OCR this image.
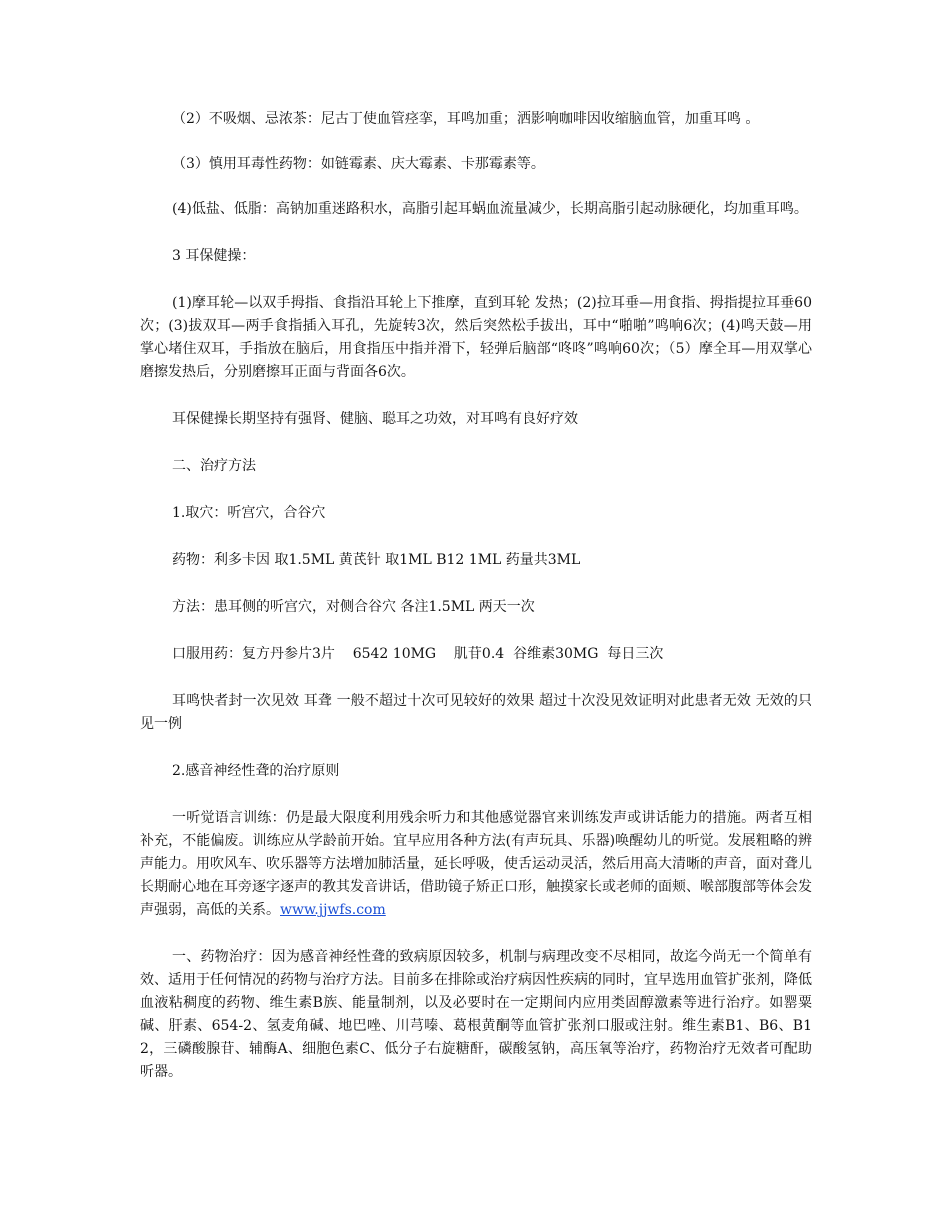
（2）不吸烟、忌浓茶：尼古丁使血管痉挛，耳鸣加重；洒影响咖啡因收缩脑血管，加重耳鸣 。

（3）慎用耳毒性药物：如链霉素、庆大霉素、卡那霉素等。

(4)低盐、低脂：高钠加重迷路积水，高脂引起耳蜗血流量减少，长期高脂引起动脉硬化，均加重耳鸣。

3 耳保健操：

(1)摩耳轮—以双手拇指、食指沿耳轮上下推摩，直到耳轮 发热；(2)拉耳垂—用食指、拇指提拉耳垂60次；(3)拔双耳—两手食指插入耳孔，先旋转3次，然后突然松手拔出，耳中“啪啪”鸣响6次；(4)鸣天鼓—用掌心堵住双耳，手指放在脑后，用食指压中指并滑下，轻弹后脑部“咚咚”鸣响60次；（5）摩全耳—用双掌心磨擦发热后，分别磨擦耳正面与背面各6次。

耳保健操长期坚持有强肾、健脑、聪耳之功效，对耳鸣有良好疗效

二、治疗方法

1.取穴：听宫穴，合谷穴

药物：利多卡因 取1.5ML 黄芪针 取1ML B12 1ML 药量共3ML

方法：患耳侧的听宫穴，对侧合谷穴 各注1.5ML 两天一次

口服用药：复方丹参片3片    6542 10MG    肌苷0.4  谷维素30MG  每日三次

耳鸣快者封一次见效 耳聋 一般不超过十次可见较好的效果 超过十次没见效证明对此患者无效 无效的只见一例

2.感音神经性聋的治疗原则

一听觉语言训练：仍是最大限度利用残余听力和其他感觉器官来训练发声或讲话能力的措施。两者互相补充，不能偏废。训练应从学龄前开始。宜早应用各种方法(有声玩具、乐器)唤醒幼儿的听觉。发展粗略的辨声能力。用吹风车、吹乐器等方法增加肺活量，延长呼吸，使舌运动灵活，然后用高大清晰的声音，面对聋儿长期耐心地在耳旁逐字逐声的教其发音讲话，借助镜子矫正口形，触摸家长或老师的面颊、喉部腹部等体会发声强弱，高低的关系。www.jjwfs.com

一、药物治疗：因为感音神经性聋的致病原因较多，机制与病理改变不尽相同，故迄今尚无一个简单有效、适用于任何情况的药物与治疗方法。目前多在排除或治疗病因性疾病的同时，宜早选用血管扩张剂，降低血液粘稠度的药物、维生素B族、能量制剂，以及必要时在一定期间内应用类固醇激素等进行治疗。如罂粟碱、肝素、654-2、氢麦角碱、地巴唑、川芎嗪、葛根黄酮等血管扩张剂口服或注射。维生素B1、B6、B12，三磷酸腺苷、辅酶A、细胞色素C、低分子右旋糖酐，碳酸氢钠，高压氧等治疗，药物治疗无效者可配助听器。
